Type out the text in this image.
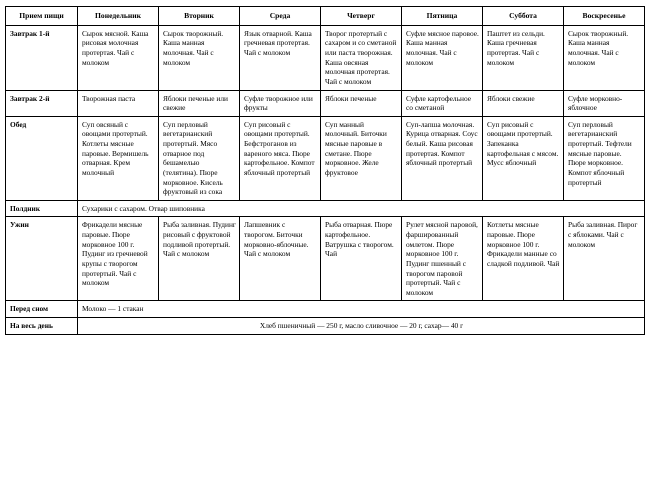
Прием пищи	Понедельник	Вторник	Среда	Четверг	Пятница	Суббота	Воскресенье
Завтрак 1-й	Сырок мясной. Каша рисовая молочная протертая. Чай с молоком	Сырок творожный. Каша манная молочная. Чай с молоком	Язык отварной. Каша гречневая протертая. Чай с молоком	Творог протертый с сахаром и со сметаной или паста творожная. Каша овсяная молочная протертая. Чай с молоком	Суфле мясное паровое. Каша манная молочная. Чай с молоком	Паштет из сельди. Каша гречневая протертая. Чай с молоком	Сырок творожный. Каша манная молочная. Чай с молоком
Завтрак 2-й	Творожная паста	Яблоки печеные или свежие	Суфле творожное или фрукты	Яблоки печеные	Суфле картофельное со сметаной	Яблоки свежие	Суфле морковно-яблочное
Обед	Суп овсяный с овощами протертый. Котлеты мясные паровые. Вермишель отварная. Крем молочный	Суп перловый вегетарианский протертый. Мясо отварное под бешамелью (телятина). Пюре морковное. Кисель фруктовый из сока	Суп рисовый с овощами протертый. Бефстроганов из вареного мяса. Пюре картофельное. Компот яблочный протертый	Суп манный молочный. Биточки мясные паровые в сметане. Пюре морковное. Желе фруктовое	Суп-лапша молочная. Курица отварная. Соус белый. Каша рисовая протертая. Компот яблочный протертый	Суп рисовый с овощами протертый. Запеканка картофельная с мясом. Мусс яблочный	Суп перловый вегетарианский протертый. Тефтели мясные паровые. Пюре морковное. Компот яблочный протертый
Полдник	Сухарики с сахаром. Отвар шиповника						
Ужин	Фрикадели мясные паровые. Пюре морковное 100 г. Пудинг из гречневой крупы с творогом протертый. Чай с молоком	Рыба заливная. Пудинг рисовый с фруктовой подливой протертый. Чай с молоком	Лапшевник с творогом. Биточки морковно-яблочные. Чай с молоком	Рыба отварная. Пюре картофельное. Ватрушка с творогом. Чай	Рулет мясной паровой, фаршированный омлетом. Пюре морковное 100 г. Пудинг пшенный с творогом паровой протертый. Чай с молоком	Котлеты мясные паровые. Пюре морковное 100 г. Фрикадели манные со сладкой подливой. Чай	Рыба заливная. Пирог с яблоками. Чай с молоком
Перед сном	Молоко — 1 стакан						
На весь день	Хлеб пшеничный — 250 г, масло сливочное — 20 г, сахар— 40 г						
